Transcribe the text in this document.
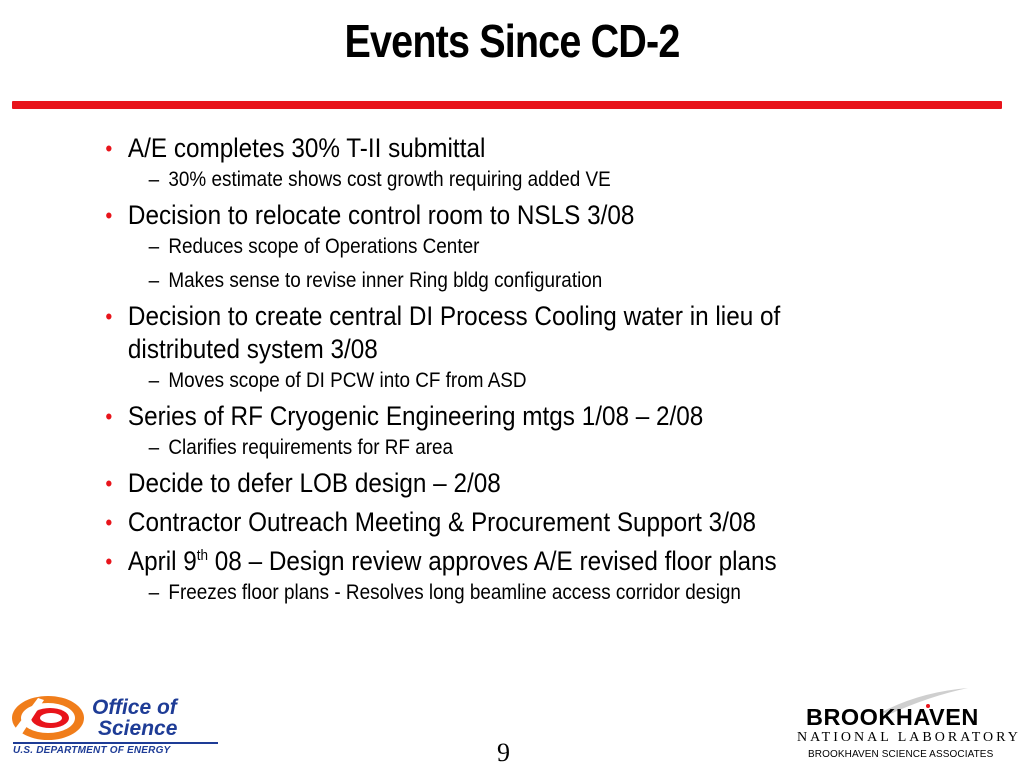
Events Since CD-2
• A/E completes 30% T-II submittal
– 30% estimate shows cost growth requiring added VE
• Decision to relocate control room to NSLS 3/08
– Reduces scope of Operations Center
– Makes sense to revise inner Ring bldg configuration
• Decision to create central DI Process Cooling water in lieu of
distributed system 3/08
– Moves scope of DI PCW into CF from ASD
• Series of RF Cryogenic Engineering mtgs 1/08 – 2/08
– Clarifies requirements for RF area
• Decide to defer LOB design – 2/08
• Contractor Outreach Meeting & Procurement Support 3/08
• April 9th 08 – Design review approves A/E revised floor plans
– Freezes floor plans - Resolves long beamline access corridor design
Office of
Science
U.S. DEPARTMENT OF ENERGY	9
BROOKHAVEN
NATIONAL LABORATORY
BROOKHAVEN SCIENCE ASSOCIATES
